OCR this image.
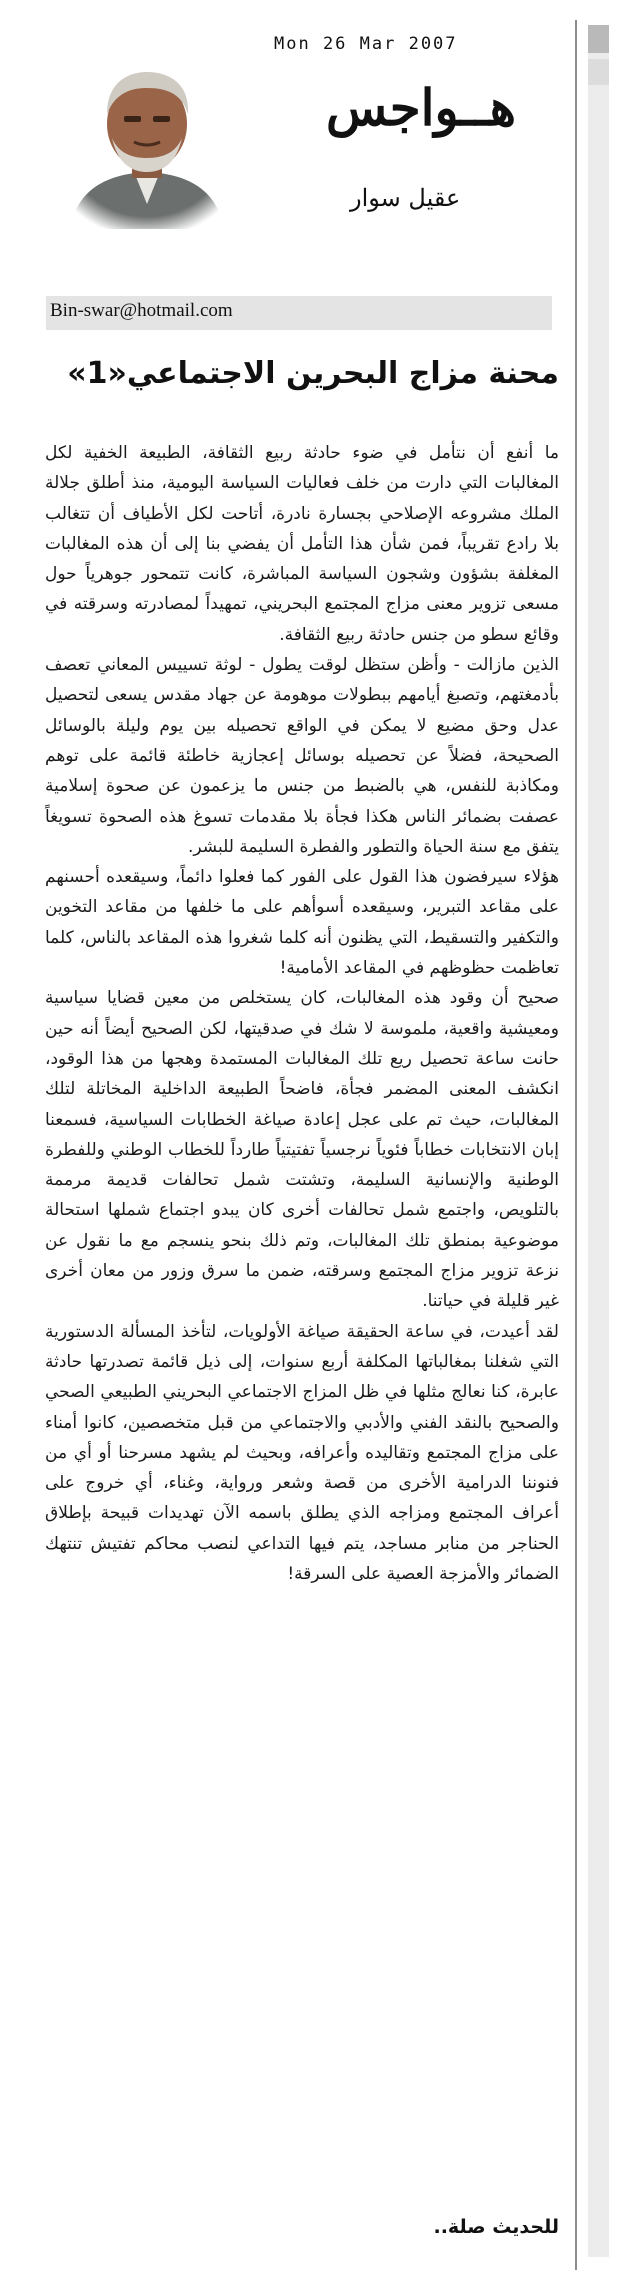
Mon 26 Mar 2007
هــواجس
عقيل سوار
Bin-swar@hotmail.com
محنة مزاج البحرين الاجتماعي«1»

ما أنفع أن نتأمل في ضوء حادثة ربيع الثقافة، الطبيعة الخفية لكل المغالبات التي دارت من خلف فعاليات السياسة اليومية، منذ أطلق جلالة الملك مشروعه الإصلاحي بجسارة نادرة، أتاحت لكل الأطياف أن تتغالب بلا رادع تقريباً، فمن شأن هذا التأمل أن يفضي بنا إلى أن هذه المغالبات المغلفة بشؤون وشجون السياسة المباشرة، كانت تتمحور جوهرياً حول مسعى تزوير معنى مزاج المجتمع البحريني، تمهيداً لمصادرته وسرقته في وقائع سطو من جنس حادثة ربيع الثقافة.

الذين مازالت - وأظن ستظل لوقت يطول - لوثة تسييس المعاني تعصف بأدمغتهم، وتصبغ أيامهم ببطولات موهومة عن جهاد مقدس يسعى لتحصيل عدل وحق مضيع لا يمكن في الواقع تحصيله بين يوم وليلة بالوسائل الصحيحة، فضلاً عن تحصيله بوسائل إعجازية خاطئة قائمة على توهم ومكاذبة للنفس، هي بالضبط من جنس ما يزعمون عن صحوة إسلامية عصفت بضمائر الناس هكذا فجأة بلا مقدمات تسوغ هذه الصحوة تسويغاً يتفق مع سنة الحياة والتطور والفطرة السليمة للبشر.

هؤلاء سيرفضون هذا القول على الفور كما فعلوا دائماً، وسيقعده أحسنهم على مقاعد التبرير، وسيقعده أسوأهم على ما خلفها من مقاعد التخوين والتكفير والتسقيط، التي يظنون أنه كلما شغروا هذه المقاعد بالناس، كلما تعاظمت حظوظهم في المقاعد الأمامية!

صحيح أن وقود هذه المغالبات، كان يستخلص من معين قضايا سياسية ومعيشية واقعية، ملموسة لا شك في صدقيتها، لكن الصحيح أيضاً أنه حين حانت ساعة تحصيل ريع تلك المغالبات المستمدة وهجها من هذا الوقود، انكشف المعنى المضمر فجأة، فاضحاً الطبيعة الداخلية المخاتلة لتلك المغالبات، حيث تم على عجل إعادة صياغة الخطابات السياسية، فسمعنا إبان الانتخابات خطاباً فئوياً نرجسياً تفتيتياً طارداً للخطاب الوطني وللفطرة الوطنية والإنسانية السليمة، وتشتت شمل تحالفات قديمة مرممة بالتلويص، واجتمع شمل تحالفات أخرى كان يبدو اجتماع شملها استحالة موضوعية بمنطق تلك المغالبات، وتم ذلك بنحو ينسجم مع ما نقول عن نزعة تزوير مزاج المجتمع وسرقته، ضمن ما سرق وزور من معان أخرى غير قليلة في حياتنا.

لقد أعيدت، في ساعة الحقيقة صياغة الأولويات، لتأخذ المسألة الدستورية التي شغلنا بمغالباتها المكلفة أربع سنوات، إلى ذيل قائمة تصدرتها حادثة عابرة، كنا نعالج مثلها في ظل المزاج الاجتماعي البحريني الطبيعي الصحي والصحيح بالنقد الفني والأدبي والاجتماعي من قبل متخصصين، كانوا أمناء على مزاج المجتمع وتقاليده وأعرافه، وبحيث لم يشهد مسرحنا أو أي من فنوننا الدرامية الأخرى من قصة وشعر ورواية، وغناء، أي خروج على أعراف المجتمع ومزاجه الذي يطلق باسمه الآن تهديدات قبيحة بإطلاق الحناجر من منابر مساجد، يتم فيها التداعي لنصب محاكم تفتيش تنتهك الضمائر والأمزجة العصية على السرقة!

للحديث صلة..
